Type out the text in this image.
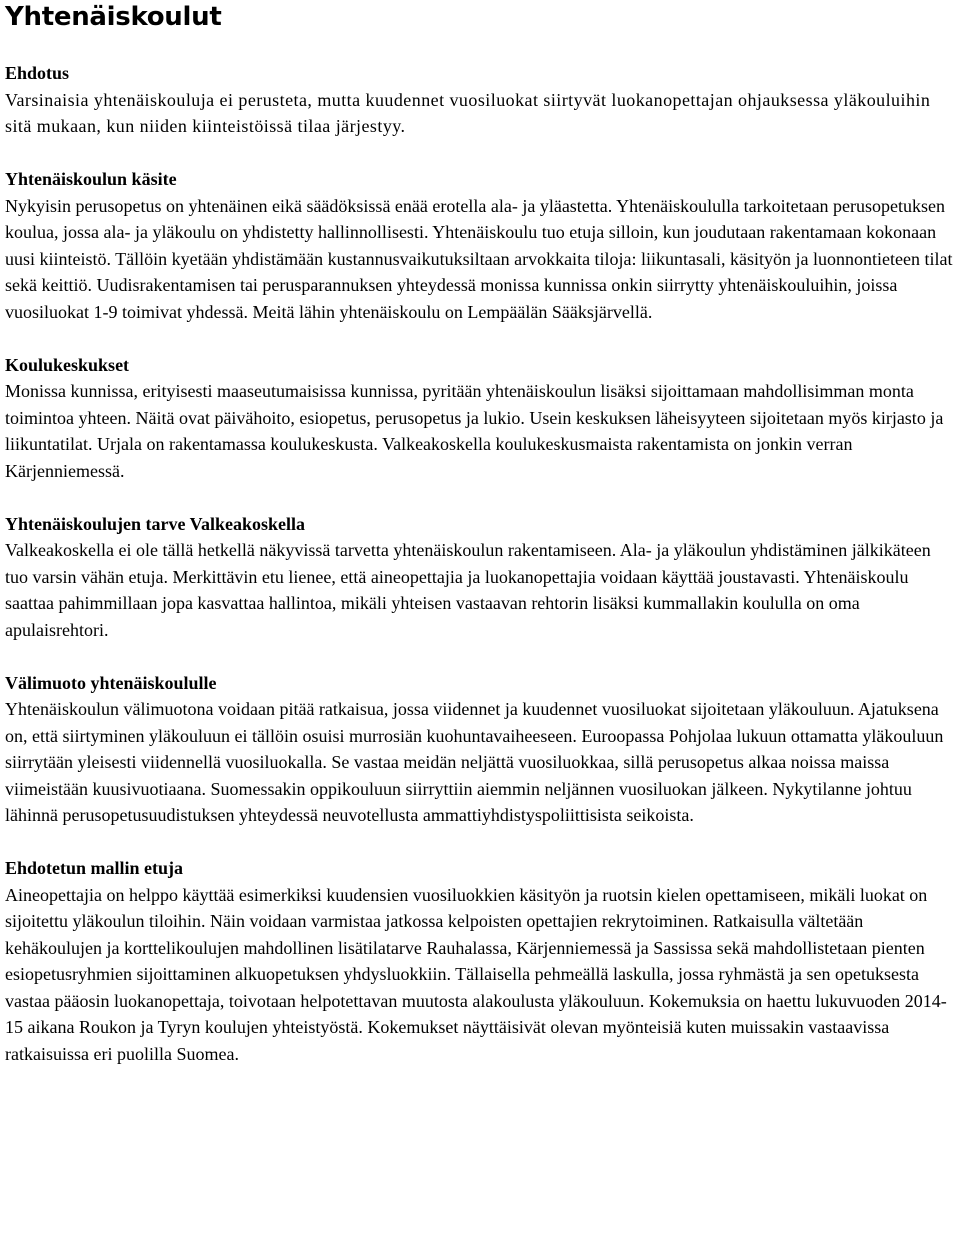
Yhtenäiskoulut

Ehdotus

Varsinaisia yhtenäiskouluja ei perusteta, mutta kuudennet vuosiluokat siirtyvät luokanopettajan ohjauksessa yläkouluihin sitä mukaan, kun niiden kiinteistöissä tilaa järjestyy.

Yhtenäiskoulun käsite

Nykyisin perusopetus on yhtenäinen eikä säädöksissä enää erotella ala- ja yläastetta. Yhtenäiskoululla tarkoitetaan perusopetuksen koulua, jossa ala- ja yläkoulu on yhdistetty hallinnollisesti. Yhtenäiskoulu tuo etuja silloin, kun joudutaan rakentamaan kokonaan uusi kiinteistö. Tällöin kyetään yhdistämään kustannusvaikutuksiltaan arvokkaita tiloja: liikuntasali, käsityön ja luonnontieteen tilat sekä keittiö. Uudisrakentamisen tai perusparannuksen yhteydessä monissa kunnissa onkin siirrytty yhtenäiskouluihin, joissa vuosiluokat 1-9 toimivat yhdessä. Meitä lähin yhtenäiskoulu on Lempäälän Sääksjärvellä.

Koulukeskukset

Monissa kunnissa, erityisesti maaseutumaisissa kunnissa, pyritään yhtenäiskoulun lisäksi sijoittamaan mahdollisimman monta toimintoa yhteen. Näitä ovat päivähoito, esiopetus, perusopetus ja lukio. Usein keskuksen läheisyyteen sijoitetaan myös kirjasto ja liikuntatilat. Urjala on rakentamassa koulukeskusta. Valkeakoskella koulukeskusmaista rakentamista on jonkin verran Kärjenniemessä.

Yhtenäiskoulujen tarve Valkeakoskella

Valkeakoskella ei ole tällä hetkellä näkyvissä tarvetta yhtenäiskoulun rakentamiseen. Ala- ja yläkoulun yhdistäminen jälkikäteen tuo varsin vähän etuja. Merkittävin etu lienee, että aineopettajia ja luokanopettajia voidaan käyttää joustavasti. Yhtenäiskoulu saattaa pahimmillaan jopa kasvattaa hallintoa, mikäli yhteisen vastaavan rehtorin lisäksi kummallakin koululla on oma apulaisrehtori.

Välimuoto yhtenäiskoululle

Yhtenäiskoulun välimuotona voidaan pitää ratkaisua, jossa viidennet ja kuudennet vuosiluokat sijoitetaan yläkouluun. Ajatuksena on, että siirtyminen yläkouluun ei tällöin osuisi murrosiän kuohuntavaiheeseen. Euroopassa Pohjolaa lukuun ottamatta yläkouluun siirrytään yleisesti viidennellä vuosiluokalla. Se vastaa meidän neljättä vuosiluokkaa, sillä perusopetus alkaa noissa maissa viimeistään kuusivuotiaana. Suomessakin oppikouluun siirryttiin aiemmin neljännen vuosiluokan jälkeen. Nykytilanne johtuu lähinnä perusopetusuudistuksen yhteydessä neuvotellusta ammattiyhdistyspoliittisista seikoista.

Ehdotetun mallin etuja

Aineopettajia on helppo käyttää esimerkiksi kuudensien vuosiluokkien käsityön ja ruotsin kielen opettamiseen, mikäli luokat on sijoitettu yläkoulun tiloihin. Näin voidaan varmistaa jatkossa kelpoisten opettajien rekrytoiminen. Ratkaisulla vältetään kehäkoulujen ja korttelikoulujen mahdollinen lisätilatarve Rauhalassa, Kärjenniemessä ja Sassissa sekä mahdollistetaan pienten esiopetusryhmien sijoittaminen alkuopetuksen yhdysluokkiin. Tällaisella pehmeällä laskulla, jossa ryhmästä ja sen opetuksesta vastaa pääosin luokanopettaja, toivotaan helpotettavan muutosta alakoulusta yläkouluun. Kokemuksia on haettu lukuvuoden 2014-15 aikana Roukon ja Tyryn koulujen yhteistyöstä. Kokemukset näyttäisivät olevan myönteisiä kuten muissakin vastaavissa ratkaisuissa eri puolilla Suomea.
